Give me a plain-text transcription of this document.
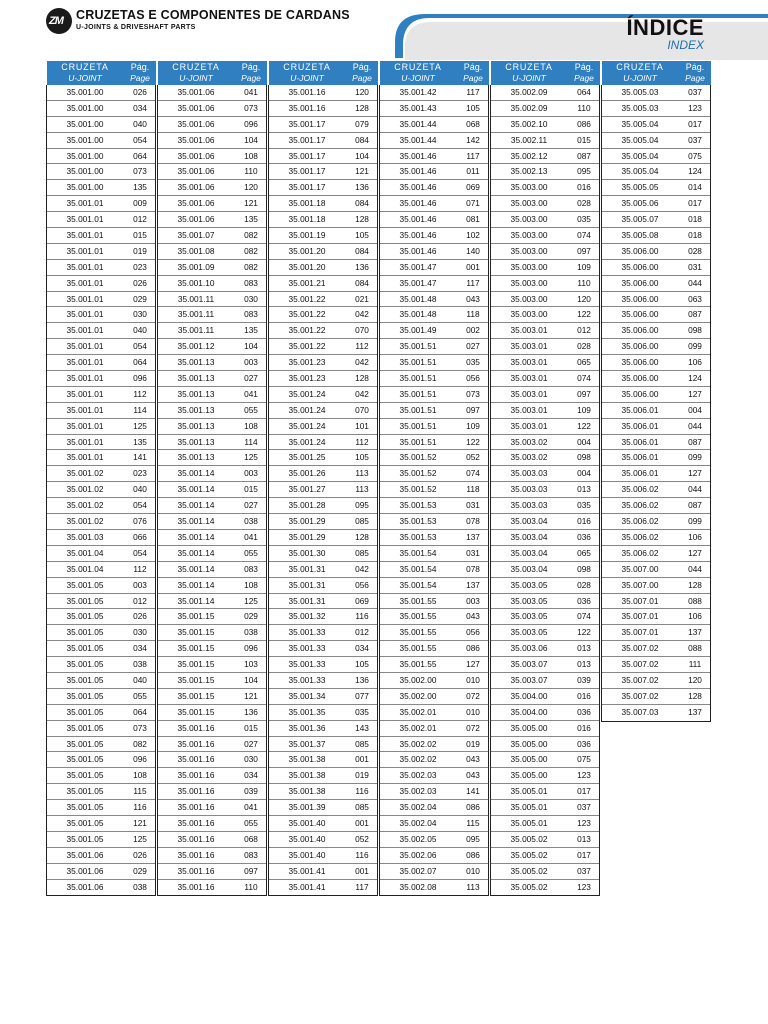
ZM CRUZETAS E COMPONENTES DE CARDANS
U-JOINTS & DRIVESHAFT PARTS	ÍNDICE
INDEX
CRUZETA
U-JOINT
Pág.
Page
35.001.00	026
35.001.00	034
35.001.00	040
35.001.00	054
35.001.00	064
35.001.00	073
35.001.00	135
35.001.01	009
35.001.01	012
35.001.01	015
35.001.01	019
35.001.01	023
35.001.01	026
35.001.01	029
35.001.01	030
35.001.01	040
35.001.01	054
35.001.01	064
35.001.01	096
35.001.01	112
35.001.01	114
35.001.01	125
35.001.01	135
35.001.01	141
35.001.02	023
35.001.02	040
35.001.02	054
35.001.02	076
35.001.03	066
35.001.04	054
35.001.04	112
35.001.05	003
35.001.05	012
35.001.05	026
35.001.05	030
35.001.05	034
35.001.05	038
35.001.05	040
35.001.05	055
35.001.05	064
35.001.05	073
35.001.05	082
35.001.05	096
35.001.05	108
35.001.05	115
35.001.05	116
35.001.05	121
35.001.05	125
35.001.06	026
35.001.06	029
35.001.06	038
CRUZETA
U-JOINT
Pág.
Page
35.001.06	041
35.001.06	073
35.001.06	096
35.001.06	104
35.001.06	108
35.001.06	110
35.001.06	120
35.001.06	121
35.001.06	135
35.001.07	082
35.001.08	082
35.001.09	082
35.001.10	083
35.001.11	030
35.001.11	083
35.001.11	135
35.001.12	104
35.001.13	003
35.001.13	027
35.001.13	041
35.001.13	055
35.001.13	108
35.001.13	114
35.001.13	125
35.001.14	003
35.001.14	015
35.001.14	027
35.001.14	038
35.001.14	041
35.001.14	055
35.001.14	083
35.001.14	108
35.001.14	125
35.001.15	029
35.001.15	038
35.001.15	096
35.001.15	103
35.001.15	104
35.001.15	121
35.001.15	136
35.001.16	015
35.001.16	027
35.001.16	030
35.001.16	034
35.001.16	039
35.001.16	041
35.001.16	055
35.001.16	068
35.001.16	083
35.001.16	097
35.001.16	110
CRUZETA
U-JOINT
Pág.
Page
35.001.16	120
35.001.16	128
35.001.17	079
35.001.17	084
35.001.17	104
35.001.17	121
35.001.17	136
35.001.18	084
35.001.18	128
35.001.19	105
35.001.20	084
35.001.20	136
35.001.21	084
35.001.22	021
35.001.22	042
35.001.22	070
35.001.22	112
35.001.23	042
35.001.23	128
35.001.24	042
35.001.24	070
35.001.24	101
35.001.24	112
35.001.25	105
35.001.26	113
35.001.27	113
35.001.28	095
35.001.29	085
35.001.29	128
35.001.30	085
35.001.31	042
35.001.31	056
35.001.31	069
35.001.32	116
35.001.33	012
35.001.33	034
35.001.33	105
35.001.33	136
35.001.34	077
35.001.35	035
35.001.36	143
35.001.37	085
35.001.38	001
35.001.38	019
35.001.38	116
35.001.39	085
35.001.40	001
35.001.40	052
35.001.40	116
35.001.41	001
35.001.41	117
CRUZETA
U-JOINT
Pág.
Page
35.001.42	117
35.001.43	105
35.001.44	068
35.001.44	142
35.001.46	117
35.001.46	011
35.001.46	069
35.001.46	071
35.001.46	081
35.001.46	102
35.001.46	140
35.001.47	001
35.001.47	117
35.001.48	043
35.001.48	118
35.001.49	002
35.001.51	027
35.001.51	035
35.001.51	056
35.001.51	073
35.001.51	097
35.001.51	109
35.001.51	122
35.001.52	052
35.001.52	074
35.001.52	118
35.001.53	031
35.001.53	078
35.001.53	137
35.001.54	031
35.001.54	078
35.001.54	137
35.001.55	003
35.001.55	043
35.001.55	056
35.001.55	086
35.001.55	127
35.002.00	010
35.002.00	072
35.002.01	010
35.002.01	072
35.002.02	019
35.002.02	043
35.002.03	043
35.002.03	141
35.002.04	086
35.002.04	115
35.002.05	095
35.002.06	086
35.002.07	010
35.002.08	113
CRUZETA
U-JOINT
Pág.
Page
35.002.09	064
35.002.09	110
35.002.10	086
35.002.11	015
35.002.12	087
35.002.13	095
35.003.00	016
35.003.00	028
35.003.00	035
35.003.00	074
35.003.00	097
35.003.00	109
35.003.00	110
35.003.00	120
35.003.00	122
35.003.01	012
35.003.01	028
35.003.01	065
35.003.01	074
35.003.01	097
35.003.01	109
35.003.01	122
35.003.02	004
35.003.02	098
35.003.03	004
35.003.03	013
35.003.03	035
35.003.04	016
35.003.04	036
35.003.04	065
35.003.04	098
35.003.05	028
35.003.05	036
35.003.05	074
35.003.05	122
35.003.06	013
35.003.07	013
35.003.07	039
35.004.00	016
35.004.00	036
35.005.00	016
35.005.00	036
35.005.00	075
35.005.00	123
35.005.01	017
35.005.01	037
35.005.01	123
35.005.02	013
35.005.02	017
35.005.02	037
35.005.02	123
CRUZETA
U-JOINT
Pág.
Page
35.005.03	037
35.005.03	123
35.005.04	017
35.005.04	037
35.005.04	075
35.005.04	124
35.005.05	014
35.005.06	017
35.005.07	018
35.005.08	018
35.006.00	028
35.006.00	031
35.006.00	044
35.006.00	063
35.006.00	087
35.006.00	098
35.006.00	099
35.006.00	106
35.006.00	124
35.006.00	127
35.006.01	004
35.006.01	044
35.006.01	087
35.006.01	099
35.006.01	127
35.006.02	044
35.006.02	087
35.006.02	099
35.006.02	106
35.006.02	127
35.007.00	044
35.007.00	128
35.007.01	088
35.007.01	106
35.007.01	137
35.007.02	088
35.007.02	111
35.007.02	120
35.007.02	128
35.007.03	137
